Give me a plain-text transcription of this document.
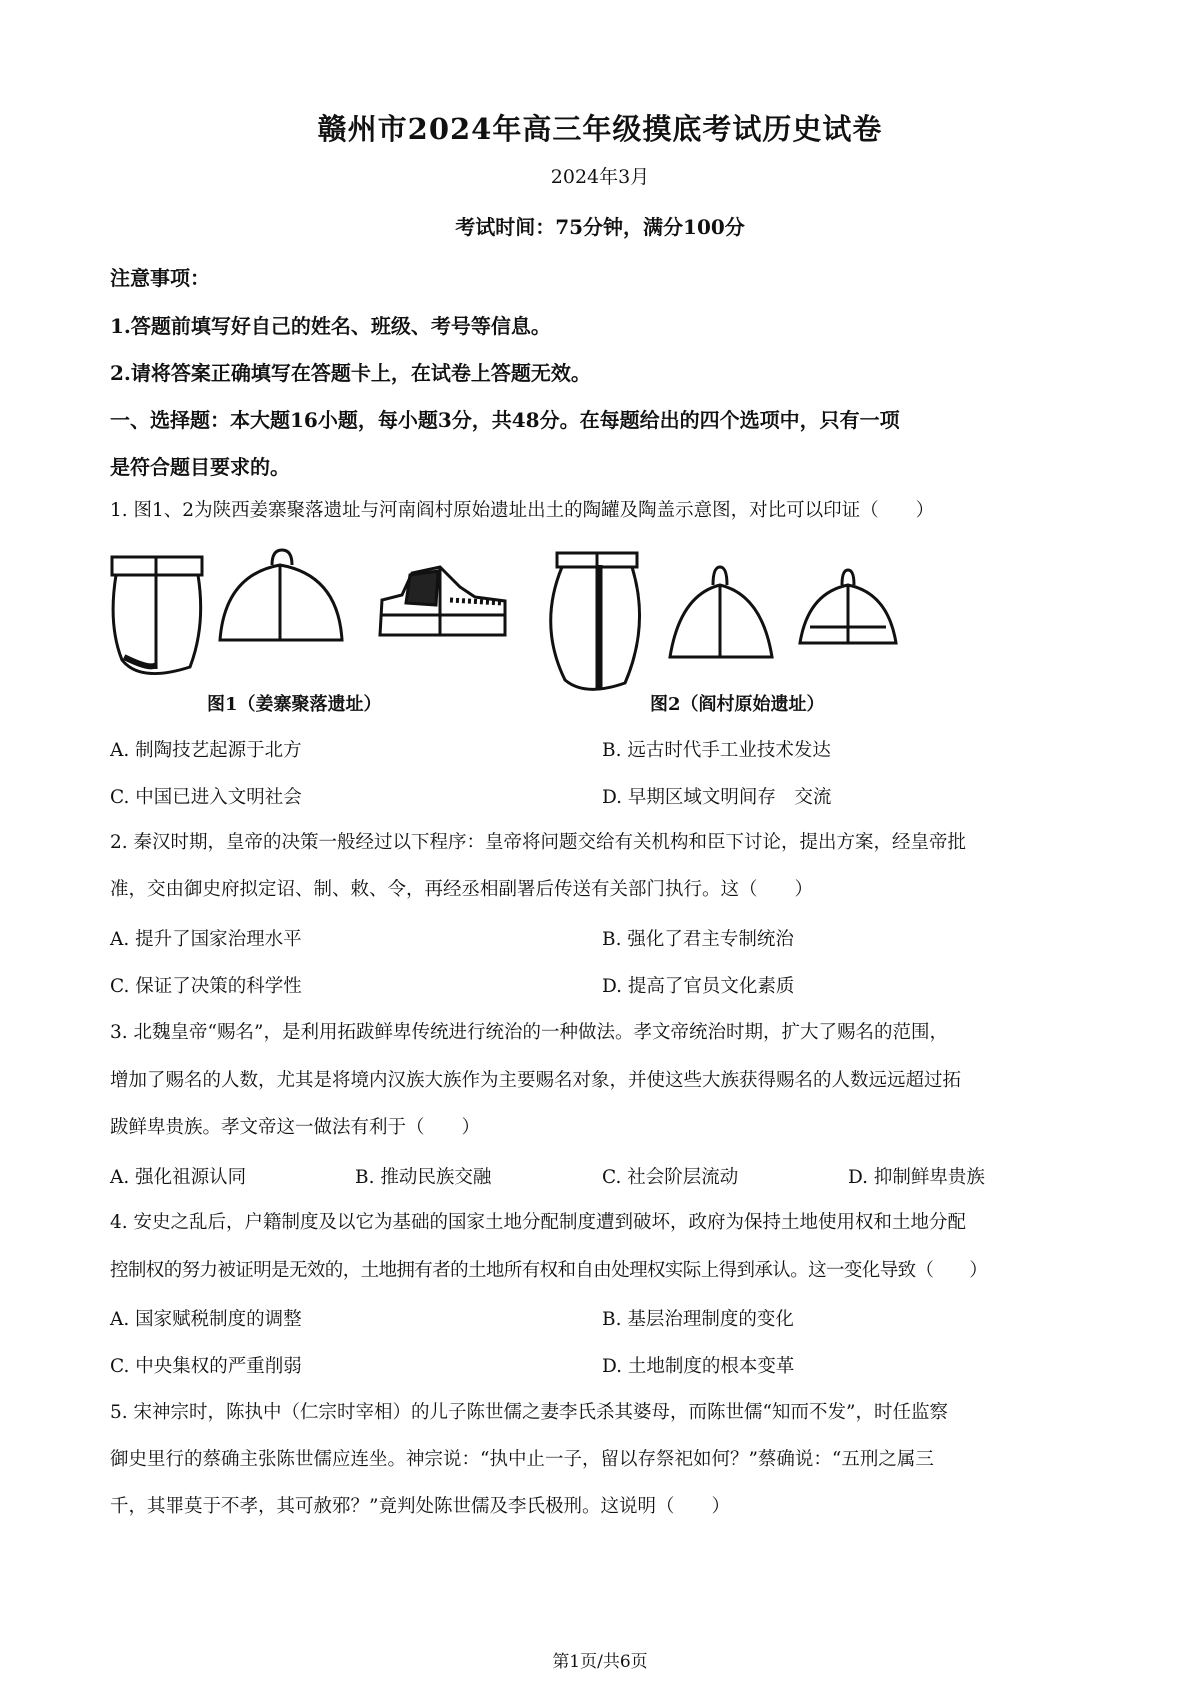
赣州市2024年高三年级摸底考试历史试卷
2024年3月
考试时间：75分钟，满分100分
注意事项：
1.答题前填写好自己的姓名、班级、考号等信息。
2.请将答案正确填写在答题卡上，在试卷上答题无效。
一、选择题：本大题16小题，每小题3分，共48分。在每题给出的四个选项中，只有一项
是符合题目要求的。
1. 图1、2为陕西姜寨聚落遗址与河南阎村原始遗址出土的陶罐及陶盖示意图，对比可以印证（　　）
图1（姜寨聚落遗址）	图2（阎村原始遗址）
A. 制陶技艺起源于北方	B. 远古时代手工业技术发达
C. 中国已进入文明社会	D. 早期区域文明间存　交流
2. 秦汉时期，皇帝的决策一般经过以下程序：皇帝将问题交给有关机构和臣下讨论，提出方案，经皇帝批
准，交由御史府拟定诏、制、敕、令，再经丞相副署后传送有关部门执行。这（　　）
A. 提升了国家治理水平	B. 强化了君主专制统治
C. 保证了决策的科学性	D. 提高了官员文化素质
3. 北魏皇帝“赐名”，是利用拓跋鲜卑传统进行统治的一种做法。孝文帝统治时期，扩大了赐名的范围，
增加了赐名的人数，尤其是将境内汉族大族作为主要赐名对象，并使这些大族获得赐名的人数远远超过拓
跋鲜卑贵族。孝文帝这一做法有利于（　　）
A. 强化祖源认同	B. 推动民族交融	C. 社会阶层流动	D. 抑制鲜卑贵族
4. 安史之乱后，户籍制度及以它为基础的国家土地分配制度遭到破坏，政府为保持土地使用权和土地分配
控制权的努力被证明是无效的，土地拥有者的土地所有权和自由处理权实际上得到承认。这一变化导致（　　）
A. 国家赋税制度的调整	B. 基层治理制度的变化
C. 中央集权的严重削弱	D. 土地制度的根本变革
5. 宋神宗时，陈执中（仁宗时宰相）的儿子陈世儒之妻李氏杀其婆母，而陈世儒“知而不发”，时任监察
御史里行的蔡确主张陈世儒应连坐。神宗说：“执中止一子，留以存祭祀如何？”蔡确说：“五刑之属三
千，其罪莫于不孝，其可赦邪？”竟判处陈世儒及李氏极刑。这说明（　　）
第1页/共6页
